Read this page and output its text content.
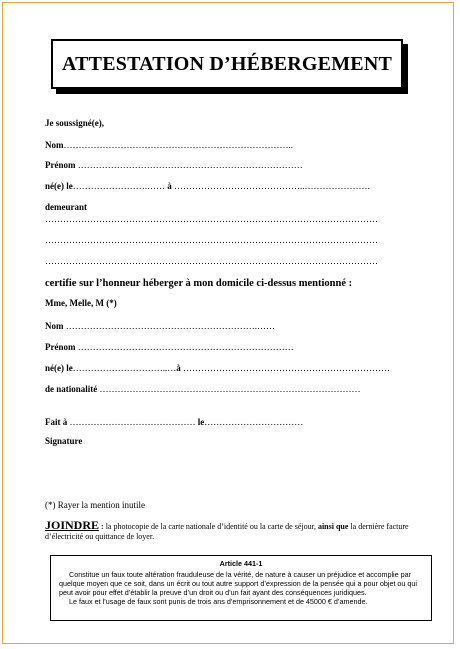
ATTESTATION D’HÉBERGEMENT
Je soussigné(e),
Nom…………………………………………………………………..
Prénom …………………………………………………………………
né(e) le…………………….…… à ……………………………………..………………….
demeurant
…………………………………………………………………………………………………
…………………………………………………………………………………………………
…………………………………………………………………………………………………
certifie sur l’honneur héberger à mon domicile ci-dessus mentionné :
Mme, Melle, M (*)
Nom ……………………………………………………….……
Prénom ………………………………………………………………
né(e) le…………………………..…à ……………………………………………………………
de nationalité ……………………………………………………………………………
Fait à …………………………………… le……………………………
Signature
(*) Rayer la mention inutile
JOINDRE : la photocopie de la carte nationale d’identité ou la carte de séjour, ainsi que la dernière facture d’électricité ou quittance de loyer.
Article 441-1

Constitue un faux toute altération frauduleuse de la vérité, de nature à causer un préjudice et accomplie par quelque moyen que ce soit, dans un écrit ou tout autre support d’expression de la pensée qui a pour objet ou qui peut avoir pour effet d’établir la preuve d’un droit ou d’un fait ayant des conséquences juridiques.

Le faux et l’usage de faux sont punis de trois ans d’emprisonnement et de 45000 € d’amende.
